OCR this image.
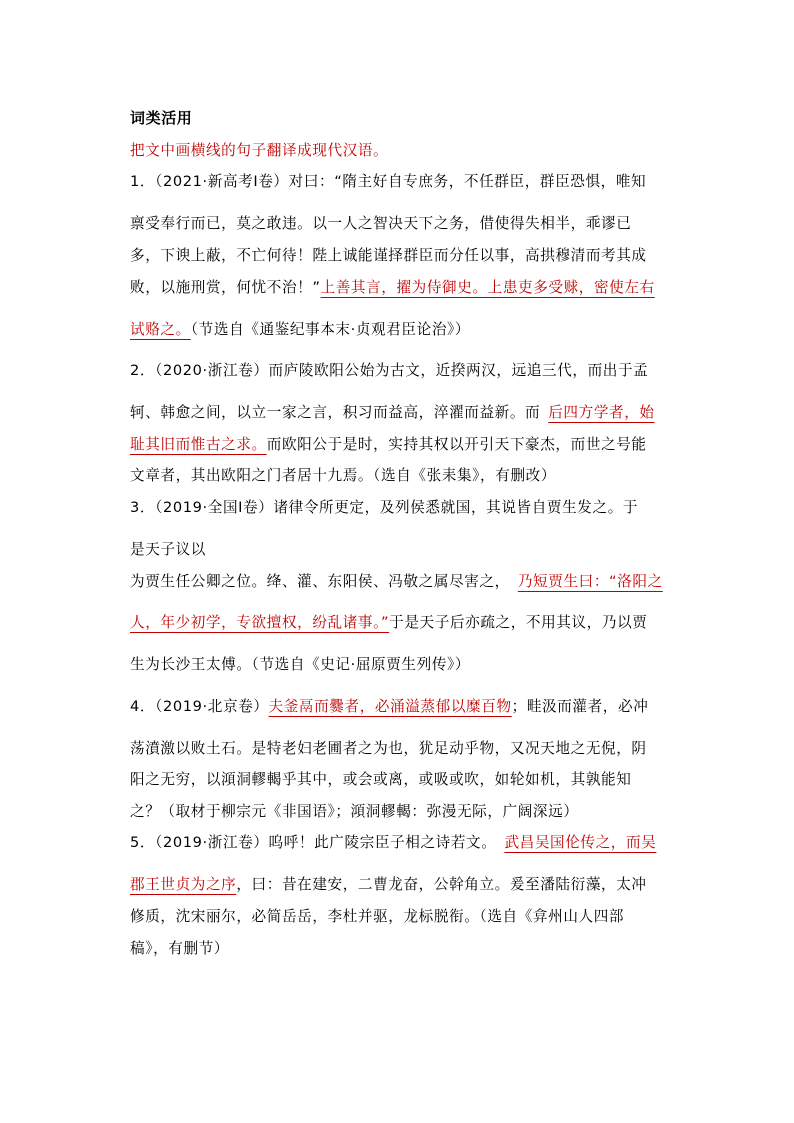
词类活用
把文中画横线的句子翻译成现代汉语。
1．（2021·新高考Ⅰ卷）对曰：“隋主好自专庶务，不任群臣，群臣恐惧，唯知
禀受奉行而已，莫之敢违。以一人之智决天下之务，借使得失相半，乖谬已
多，下谀上蔽，不亡何待！陛上诚能谨择群臣而分任以事，高拱穆清而考其成
败，以施刑赏，何忧不治！”上善其言，擢为侍御史。上患吏多受赇，密使左右
试赂之。（节选自《通鉴纪事本末·贞观君臣论治》）
2．（2020·浙江卷）而庐陵欧阳公始为古文，近揆两汉，远追三代，而出于孟
轲、韩愈之间，以立一家之言，积习而益高，淬濯而益新。而 后四方学者，始
耻其旧而惟古之求。而欧阳公于是时，实持其权以开引天下豪杰，而世之号能
文章者，其出欧阳之门者居十九焉。（选自《张耒集》，有删改）
3．（2019·全国Ⅰ卷）诸律令所更定，及列侯悉就国，其说皆自贾生发之。于
是天子议以
为贾生任公卿之位。绛、灌、东阳侯、冯敬之属尽害之， 乃短贾生曰：“洛阳之
人，年少初学，专欲擅权，纷乱诸事。”于是天子后亦疏之，不用其议，乃以贾
生为长沙王太傅。（节选自《史记·屈原贾生列传》）
4．（2019·北京卷）夫釜鬲而爨者，必涌溢蒸郁以糜百物；畦汲而灌者，必冲
荡濆激以败土石。是特老妇老圃者之为也，犹足动乎物，又况天地之无倪，阴
阳之无穷，以澒洞轇輵乎其中，或会或离，或吸或吹，如轮如机，其孰能知
之？（取材于柳宗元《非国语》；澒洞轇輵：弥漫无际，广阔深远）
5．（2019·浙江卷）呜呼！此广陵宗臣子相之诗若文。 武昌吴国伦传之，而吴
郡王世贞为之序，曰：昔在建安，二曹龙奋，公幹角立。爰至潘陆衍藻，太冲
修质，沈宋丽尔，必简岳岳，李杜并驱，龙标脱衔。（选自《弇州山人四部
稿》，有删节）
